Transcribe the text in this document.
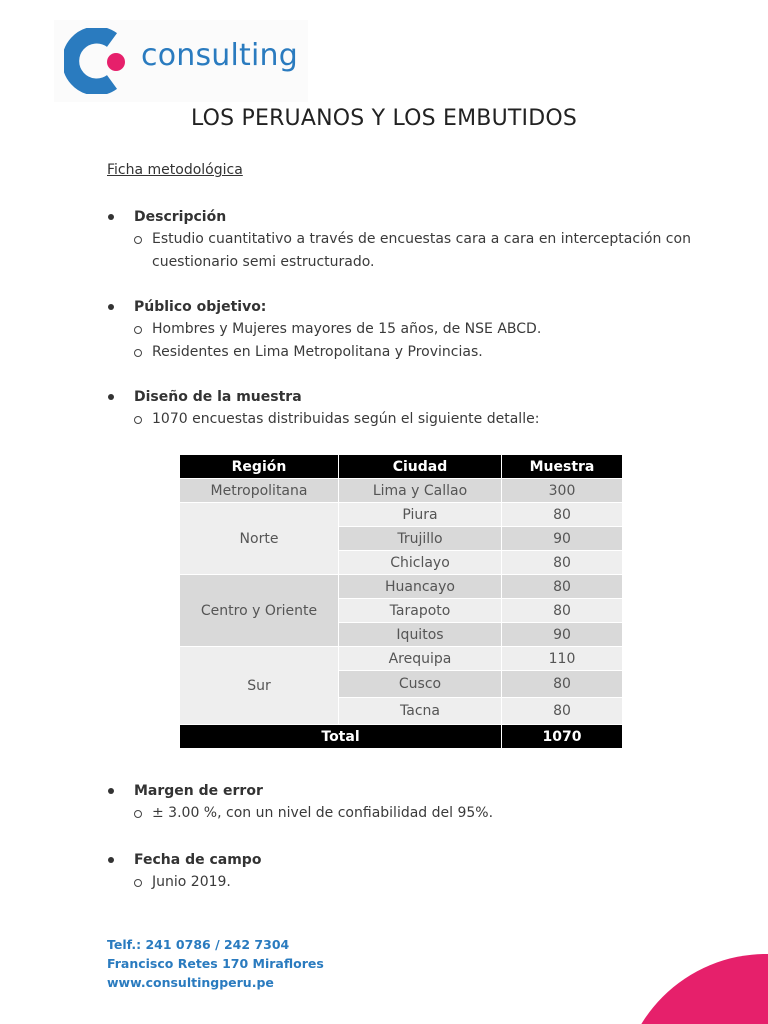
consulting
LOS PERUANOS Y LOS EMBUTIDOS
Ficha metodológica
Descripción
Estudio cuantitativo a través de encuestas cara a cara en interceptación con cuestionario semi estructurado.
Público objetivo:
Hombres y Mujeres mayores de 15 años, de NSE ABCD.
Residentes en Lima Metropolitana y Provincias.
Diseño de la muestra
1070 encuestas distribuidas según el siguiente detalle:
Región	Ciudad	Muestra
Metropolitana	Lima y Callao	300
Norte	Piura	80
	Trujillo	90
	Chiclayo	80
Centro y Oriente	Huancayo	80
	Tarapoto	80
	Iquitos	90
Sur	Arequipa	110
	Cusco	80
	Tacna	80
Total		1070
Margen de error
± 3.00 %, con un nivel de confiabilidad del 95%.
Fecha de campo
Junio 2019.
Telf.: 241 0786 / 242 7304
Francisco Retes 170 Miraflores
www.consultingperu.pe
